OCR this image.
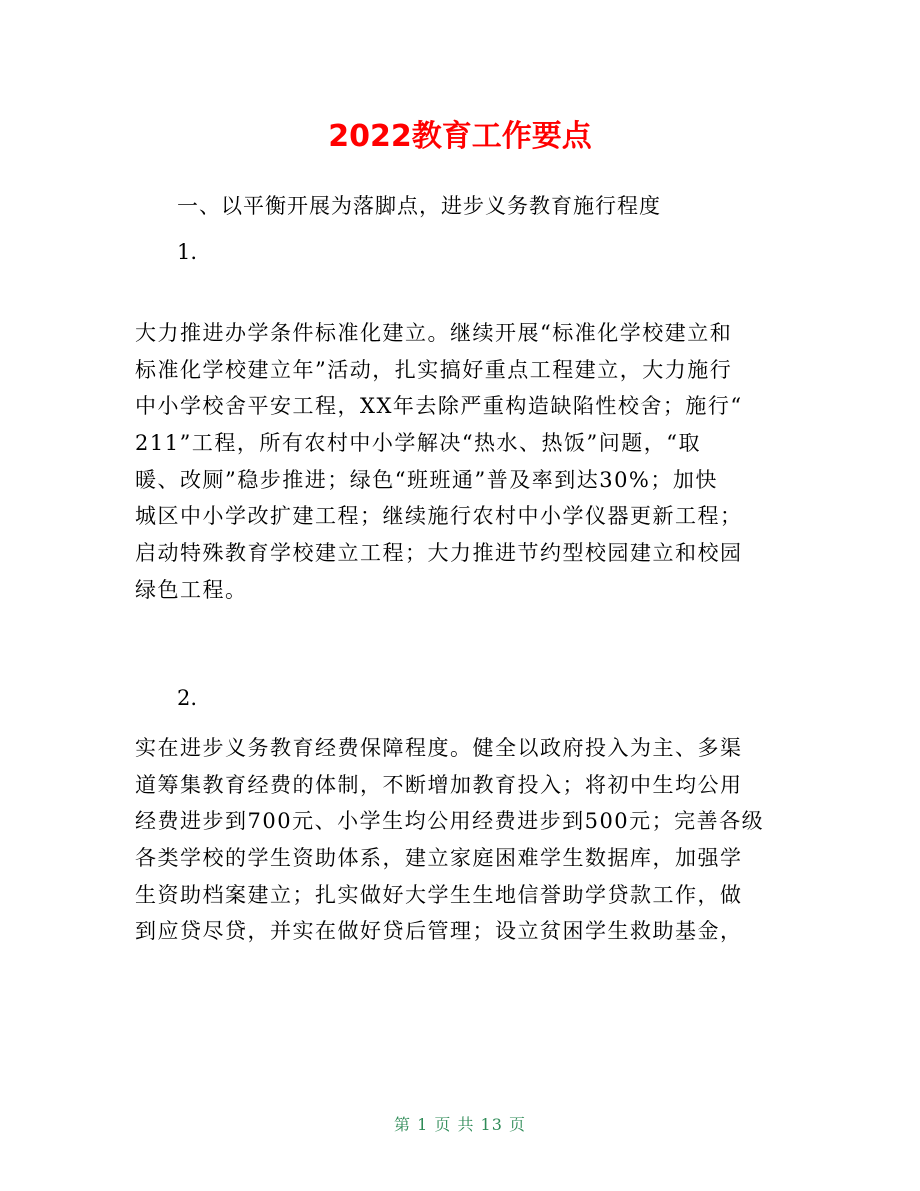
2022教育工作要点
一、以平衡开展为落脚点，进步义务教育施行程度
1.
大力推进办学条件标准化建立。继续开展“标准化学校建立和
标准化学校建立年”活动，扎实搞好重点工程建立，大力施行
中小学校舍平安工程，XX年去除严重构造缺陷性校舍；施行“
211”工程，所有农村中小学解决“热水、热饭”问题，“取
暖、改厕”稳步推进；绿色“班班通”普及率到达30%；加快
城区中小学改扩建工程；继续施行农村中小学仪器更新工程；
启动特殊教育学校建立工程；大力推进节约型校园建立和校园
绿色工程。
2.
实在进步义务教育经费保障程度。健全以政府投入为主、多渠
道筹集教育经费的体制，不断增加教育投入；将初中生均公用
经费进步到700元、小学生均公用经费进步到500元；完善各级
各类学校的学生资助体系，建立家庭困难学生数据库，加强学
生资助档案建立；扎实做好大学生生地信誉助学贷款工作，做
到应贷尽贷，并实在做好贷后管理；设立贫困学生救助基金，
第 1 页 共 13 页
